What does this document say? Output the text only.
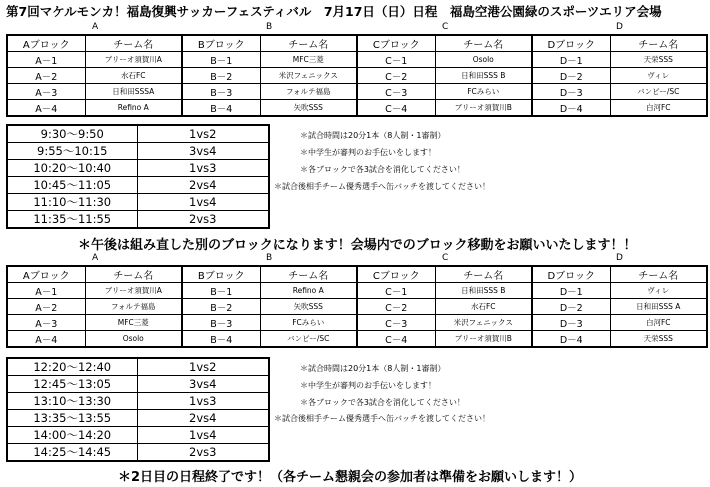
第7回マケルモンカ！福島復興サッカーフェスティバル　7月17日（日）日程　福島空港公園緑のスポーツエリア会場
A	B	C	D
Aブロック	チーム名	Bブロック	チーム名	Cブロック	チーム名	Dブロック	チーム名
A－1	ブリーオ須賀川A	B－1	MFC三菱	C－1	Osolo	D－1	天栄SSS
A－2	水石FC	B－2	米沢フェニックス	C－2	日和田SSS B	D－2	ヴィレ
A－3	日和田SSSA	B－3	フォルテ福島	C－3	FCみらい	D－3	バンビー/SC
A－4	Refino A	B－4	矢吹SSS	C－4	ブリーオ須賀川B	D－4	白河FC
9:30～9:50	1vs2
9:55～10:15	3vs4
10:20～10:40	1vs3
10:45～11:05	2vs4
11:10～11:30	1vs4
11:35～11:55	2vs3
＊試合時間は20分1本（8人制・1審制）
＊中学生が審判のお手伝いをします！
＊各ブロックで各3試合を消化してください！
＊試合後相手チーム優秀選手へ缶バッチを渡してください！
＊午後は組み直した別のブロックになります！会場内でのブロック移動をお願いいたします！！
A	B	C	D
Aブロック	チーム名	Bブロック	チーム名	Cブロック	チーム名	Dブロック	チーム名
A－1	ブリーオ須賀川A	B－1	Refino A	C－1	日和田SSS B	D－1	ヴィレ
A－2	フォルテ福島	B－2	矢吹SSS	C－2	水石FC	D－2	日和田SSS A
A－3	MFC三菱	B－3	FCみらい	C－3	米沢フェニックス	D－3	白河FC
A－4	Osolo	B－4	バンビー/SC	C－4	ブリーオ須賀川B	D－4	天栄SSS
12:20～12:40	1vs2
12:45～13:05	3vs4
13:10～13:30	1vs3
13:35～13:55	2vs4
14:00～14:20	1vs4
14:25～14:45	2vs3
＊試合時間は20分1本（8人制・1審制）
＊中学生が審判のお手伝いをします！
＊各ブロックで各3試合を消化してください！
＊試合後相手チーム優秀選手へ缶バッチを渡してください！
＊2日目の日程終了です！（各チーム懇親会の参加者は準備をお願いします！）
